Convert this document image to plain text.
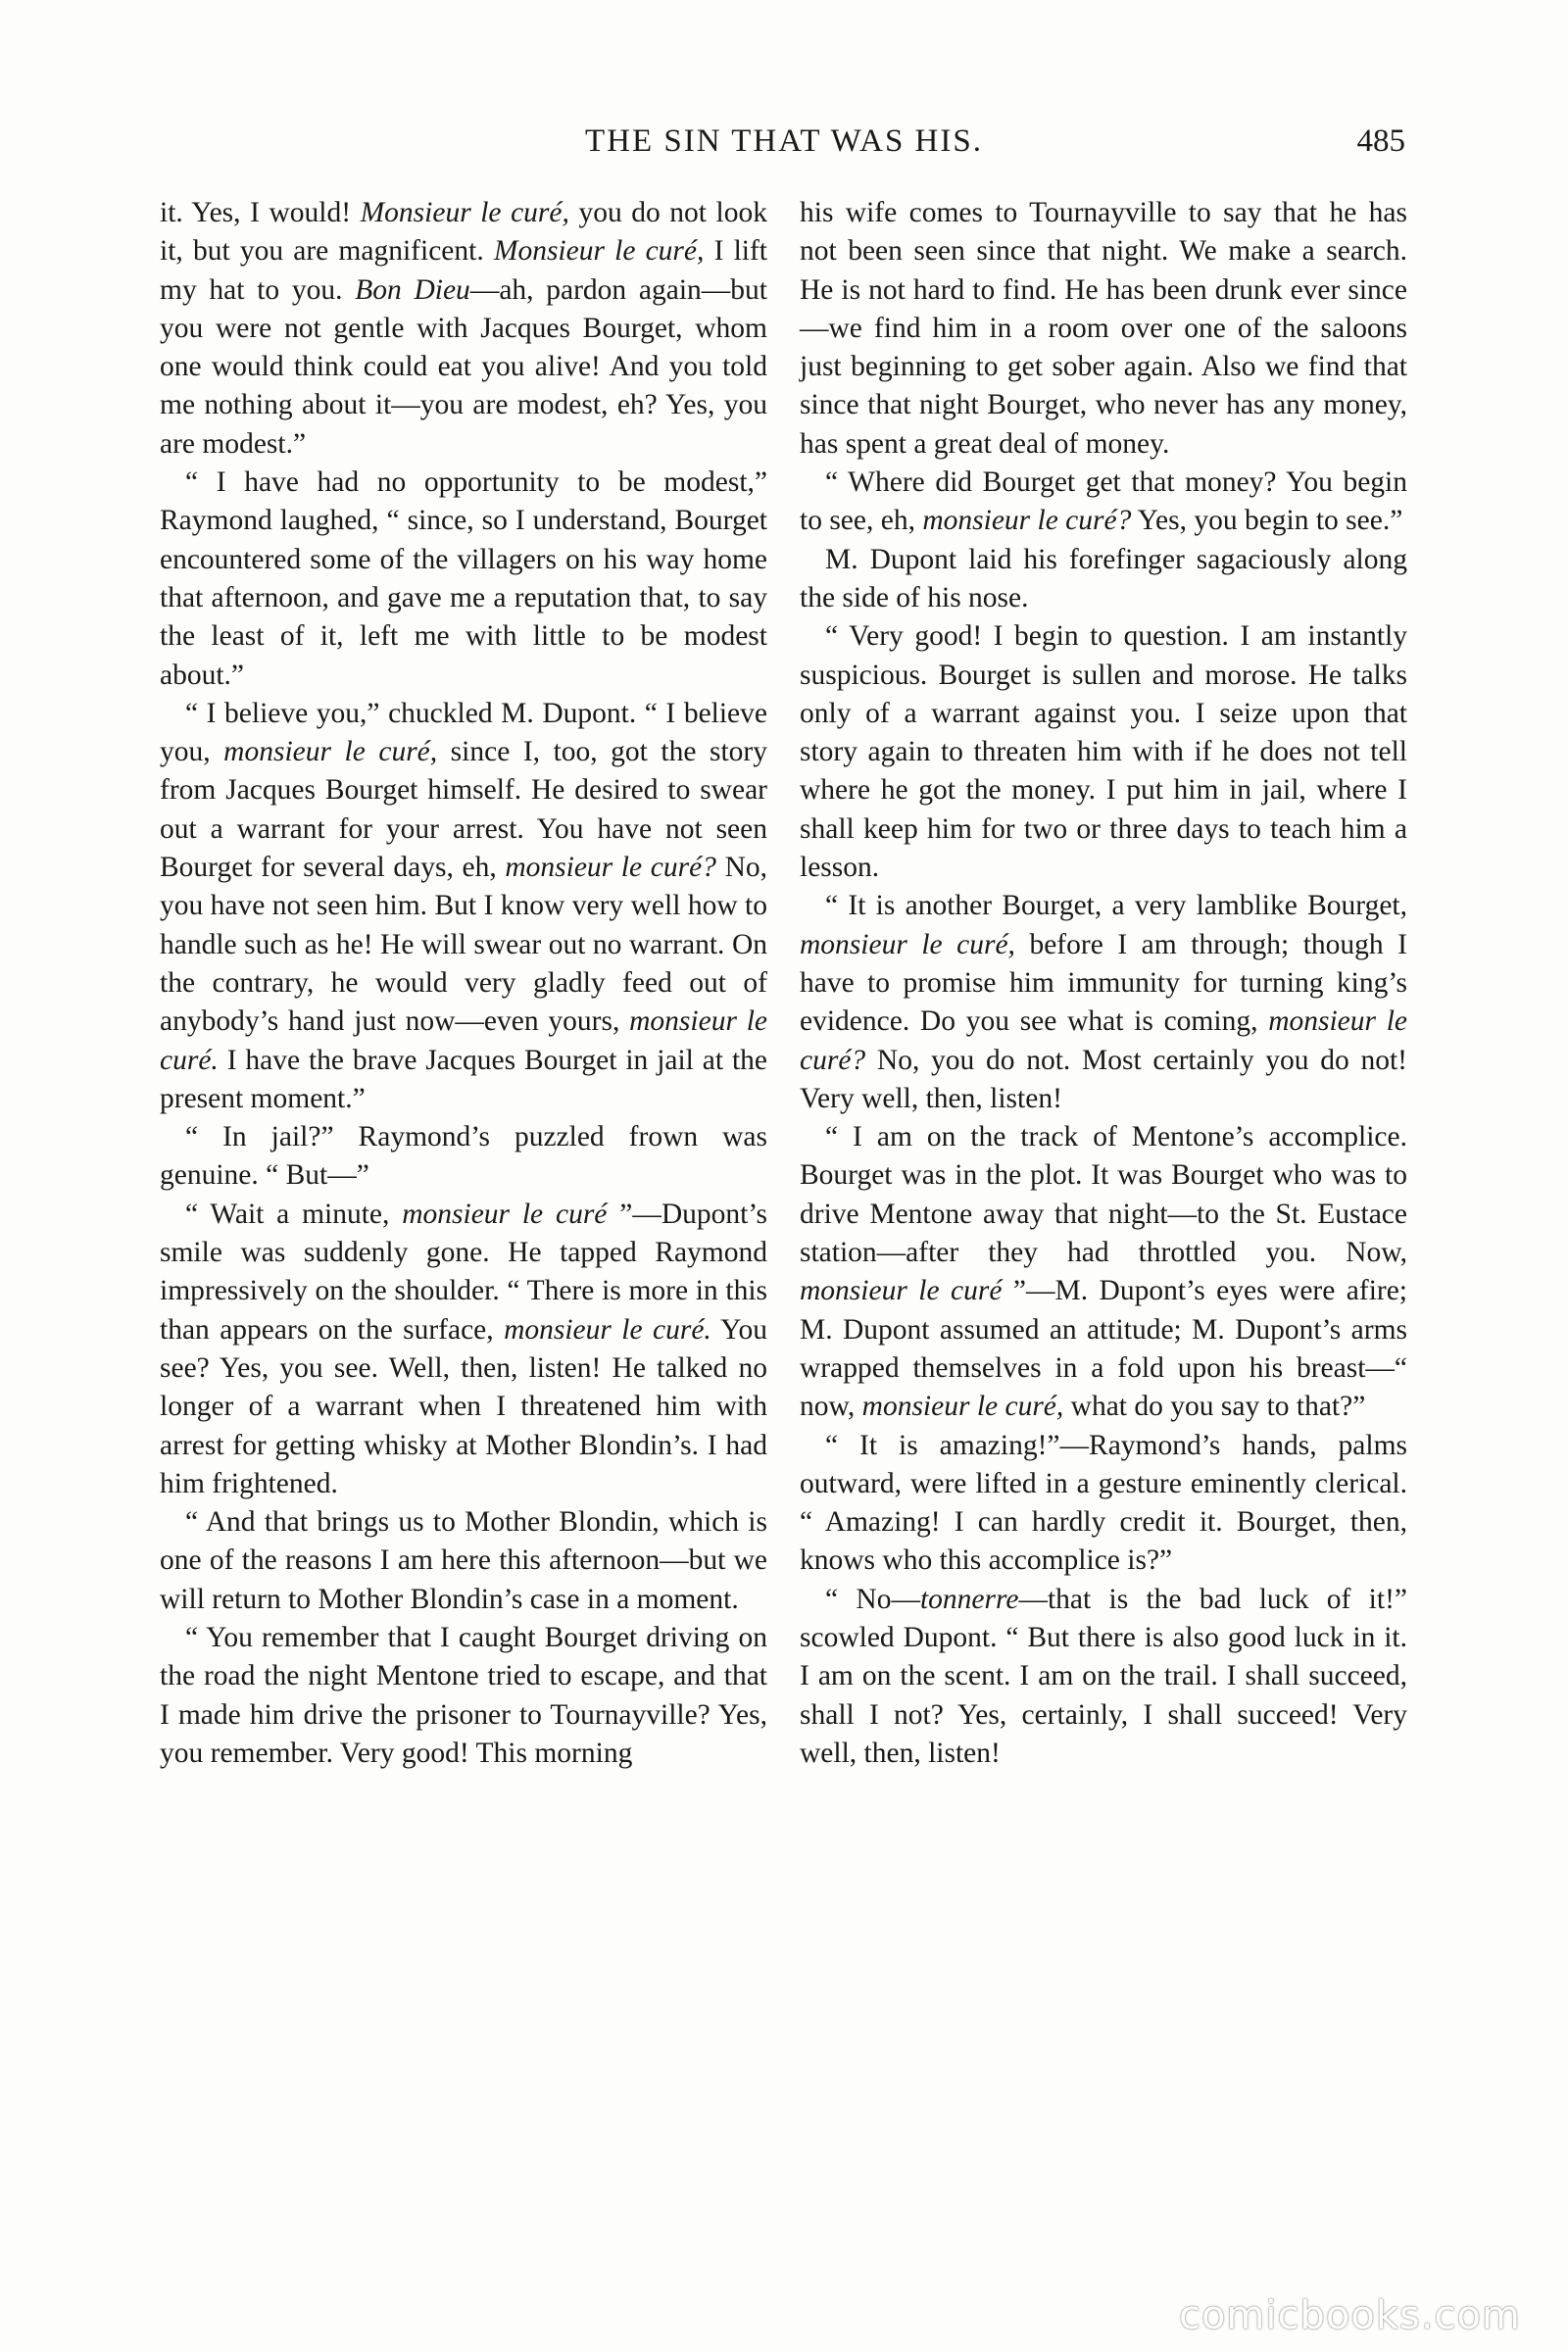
THE SIN THAT WAS HIS.	485

it. Yes, I would! Monsieur le curé, you do not look it, but you are magnificent. Monsieur le curé, I lift my hat to you. Bon Dieu—ah, pardon again—but you were not gentle with Jacques Bourget, whom one would think could eat you alive! And you told me nothing about it—you are modest, eh? Yes, you are modest.”

“ I have had no opportunity to be modest,” Raymond laughed, “ since, so I understand, Bourget encountered some of the villagers on his way home that afternoon, and gave me a reputation that, to say the least of it, left me with little to be modest about.”

“ I believe you,” chuckled M. Dupont. “ I believe you, monsieur le curé, since I, too, got the story from Jacques Bourget himself. He desired to swear out a warrant for your arrest. You have not seen Bourget for several days, eh, monsieur le curé? No, you have not seen him. But I know very well how to handle such as he! He will swear out no warrant. On the contrary, he would very gladly feed out of anybody’s hand just now—even yours, monsieur le curé. I have the brave Jacques Bourget in jail at the present moment.”

“ In jail?” Raymond’s puzzled frown was genuine. “ But—”

“ Wait a minute, monsieur le curé ”—Dupont’s smile was suddenly gone. He tapped Raymond impressively on the shoulder. “ There is more in this than appears on the surface, monsieur le curé. You see? Yes, you see. Well, then, listen! He talked no longer of a warrant when I threatened him with arrest for getting whisky at Mother Blondin’s. I had him frightened.

“ And that brings us to Mother Blondin, which is one of the reasons I am here this afternoon—but we will return to Mother Blondin’s case in a moment.

“ You remember that I caught Bourget driving on the road the night Mentone tried to escape, and that I made him drive the prisoner to Tournayville? Yes, you remember. Very good! This morning

his wife comes to Tournayville to say that he has not been seen since that night. We make a search. He is not hard to find. He has been drunk ever since—we find him in a room over one of the saloons just beginning to get sober again. Also we find that since that night Bourget, who never has any money, has spent a great deal of money.

“ Where did Bourget get that money? You begin to see, eh, monsieur le curé? Yes, you begin to see.”

M. Dupont laid his forefinger sagaciously along the side of his nose.

“ Very good! I begin to question. I am instantly suspicious. Bourget is sullen and morose. He talks only of a warrant against you. I seize upon that story again to threaten him with if he does not tell where he got the money. I put him in jail, where I shall keep him for two or three days to teach him a lesson.

“ It is another Bourget, a very lamblike Bourget, monsieur le curé, before I am through; though I have to promise him immunity for turning king’s evidence. Do you see what is coming, monsieur le curé? No, you do not. Most certainly you do not! Very well, then, listen!

“ I am on the track of Mentone’s accomplice. Bourget was in the plot. It was Bourget who was to drive Mentone away that night—to the St. Eustace station—after they had throttled you. Now, monsieur le curé ”—M. Dupont’s eyes were afire; M. Dupont assumed an attitude; M. Dupont’s arms wrapped themselves in a fold upon his breast—“ now, monsieur le curé, what do you say to that?”

“ It is amazing!”—Raymond’s hands, palms outward, were lifted in a gesture eminently clerical. “ Amazing! I can hardly credit it. Bourget, then, knows who this accomplice is?”

“ No—tonnerre—that is the bad luck of it!” scowled Dupont. “ But there is also good luck in it. I am on the scent. I am on the trail. I shall succeed, shall I not? Yes, certainly, I shall succeed! Very well, then, listen!

comicbooks.com
